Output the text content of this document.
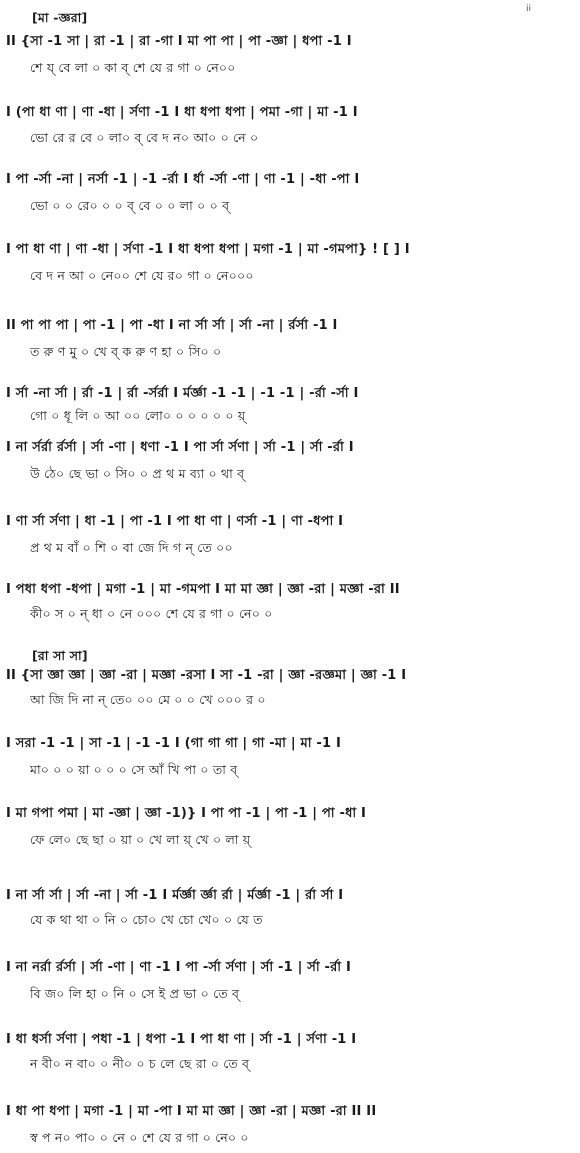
ii
[মা -জ্ঞরা]
II {সা -1 সা | রা -1 | রা -গা I মা পা পা | পা -জ্ঞা | ধপা -1 I
শে য্ বে লা ০ কা ব্ শে যে র গা ০ নে০০
I (পা ধা ণা | ণা -ধা | র্সণা -1 I ধা ধপা ধপা | পমা -গা | মা -1 I
ভো রে র বে ০ লা০ ব্ বে দ ন০ আ০ ০ নে ০
I পা -র্সা -না | নর্সা -1 | -1 -র্রা I র্ধা -র্সা -ণা | ণা -1 | -ধা -পা I
ভো ০ ০ রে০ ০ ০ ব্ বে ০ ০ লা ০ ০ ব্
I পা ধা ণা | ণা -ধা | র্সণা -1 I ধা ধপা ধপা | মগা -1 | মা -গমপা} ! [ ] I
বে দ ন আ ০ নে০০ শে যে র০ গা ০ নে০০০
II পা পা পা | পা -1 | পা -ধা I না র্সা র্সা | র্সা -না | র্রর্সা -1 I
ত রু ণ মু ০ খে ব্ ক রু ণ হা ০ সি০ ০
I র্সা -না র্সা | র্রা -1 | র্রা -র্সর্রা I র্মর্জ্ঞা -1 -1 | -1 -1 | -র্রা -র্সা I
গো ০ ধূ লি ০ আ ০০ লো০ ০ ০ ০ ০ ০ য়্
I না র্সর্রা র্রর্সা | র্সা -ণা | ধণা -1 I পা র্সা র্সণা | র্সা -1 | র্সা -র্রা I
উ ঠে০ ছে ভা ০ সি০ ০ প্র থ ম ব্যা ০ থা ব্
I ণা র্সা র্সণা | ধা -1 | পা -1 I পা ধা ণা | ণর্সা -1 | ণা -ধপা I
প্র থ ম বাঁ ০ শি ০ বা জে দি গ ন্ তে ০০
I পধা ধপা -ধপা | মগা -1 | মা -গমপা I মা মা জ্ঞা | জ্ঞা -রা | মজ্ঞা -রা II
কী০ স ০ ন্ ধা ০ নে ০০০ শে যে র গা ০ নে০ ০
[রা সা সা]
II {সা জ্ঞা জ্ঞা | জ্ঞা -রা | মজ্ঞা -রসা I সা -1 -রা | জ্ঞা -রজ্ঞমা | জ্ঞা -1 I
আ জি দি না ন্ তে০ ০০ মে ০ ০ খে ০০০ র ০
I সরা -1 -1 | সা -1 | -1 -1 I (গা গা গা | গা -মা | মা -1 I
মা০ ০ ০ য়া ০ ০ ০ সে আঁ খি পা ০ তা ব্
I মা গপা পমা | মা -জ্ঞা | জ্ঞা -1)} I পা পা -1 | পা -1 | পা -ধা I
ফে লে০ ছে ছা ০ য়া ০ খে লা য়্ খে ০ লা য়্
I না র্সা র্সা | র্সা -না | র্সা -1 I র্মর্জ্ঞা র্জ্ঞা র্রা | র্মর্জ্ঞা -1 | র্রা র্সা I
যে ক থা থা ০ নি ০ চো০ খে চো খে০ ০ যে ত
I না নর্রা র্রর্সা | র্সা -ণা | ণা -1 I পা -র্সা র্সণা | র্সা -1 | র্সা -র্রা I
বি জ০ লি হা ০ নি ০ সে ই প্র ভা ০ তে ব্
I ধা ধর্সা র্সণা | পধা -1 | ধপা -1 I পা ধা ণা | র্সা -1 | র্সণা -1 I
ন বী০ ন বা০ ০ নী০ ০ চ লে ছে রা ০ তে ব্
I ধা পা ধপা | মগা -1 | মা -পা I মা মা জ্ঞা | জ্ঞা -রা | মজ্ঞা -রা II II
স্ব প ন০ পা০ ০ নে ০ শে যে র গা ০ নে০ ০
